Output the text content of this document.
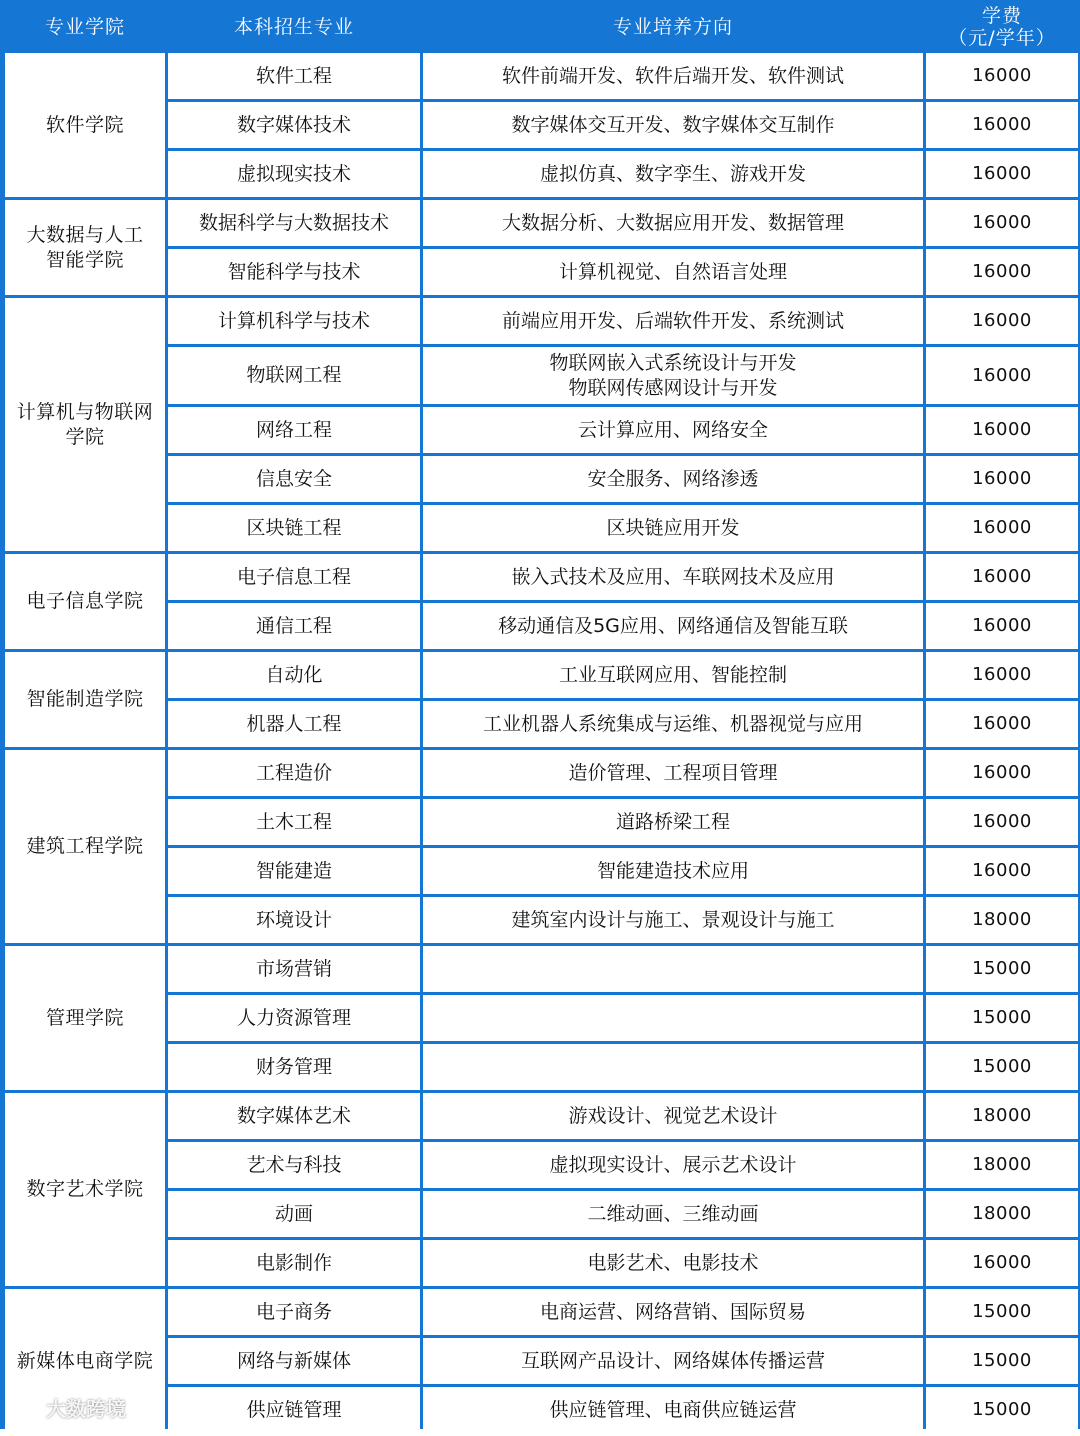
专业学院	本科招生专业	专业培养方向	学费
（元/学年）

软件学院	软件工程	软件前端开发、软件后端开发、软件测试	16000
	数字媒体技术	数字媒体交互开发、数字媒体交互制作	16000
	虚拟现实技术	虚拟仿真、数字孪生、游戏开发	16000

大数据与人工
智能学院	数据科学与大数据技术	大数据分析、大数据应用开发、数据管理	16000
	智能科学与技术	计算机视觉、自然语言处理	16000

计算机与物联网
学院	计算机科学与技术	前端应用开发、后端软件开发、系统测试	16000
	物联网工程	物联网嵌入式系统设计与开发
物联网传感网设计与开发	16000
	网络工程	云计算应用、网络安全	16000
	信息安全	安全服务、网络渗透	16000
	区块链工程	区块链应用开发	16000

电子信息学院	电子信息工程	嵌入式技术及应用、车联网技术及应用	16000
	通信工程	移动通信及5G应用、网络通信及智能互联	16000

智能制造学院	自动化	工业互联网应用、智能控制	16000
	机器人工程	工业机器人系统集成与运维、机器视觉与应用	16000

建筑工程学院	工程造价	造价管理、工程项目管理	16000
	土木工程	道路桥梁工程	16000
	智能建造	智能建造技术应用	16000
	环境设计	建筑室内设计与施工、景观设计与施工	18000

管理学院	市场营销		15000
	人力资源管理		15000
	财务管理		15000

数字艺术学院	数字媒体艺术	游戏设计、视觉艺术设计	18000
	艺术与科技	虚拟现实设计、展示艺术设计	18000
	动画	二维动画、三维动画	18000
	电影制作	电影艺术、电影技术	16000

新媒体电商学院	电子商务	电商运营、网络营销、国际贸易	15000
	网络与新媒体	互联网产品设计、网络媒体传播运营	15000
	供应链管理	供应链管理、电商供应链运营	15000
大数跨境
